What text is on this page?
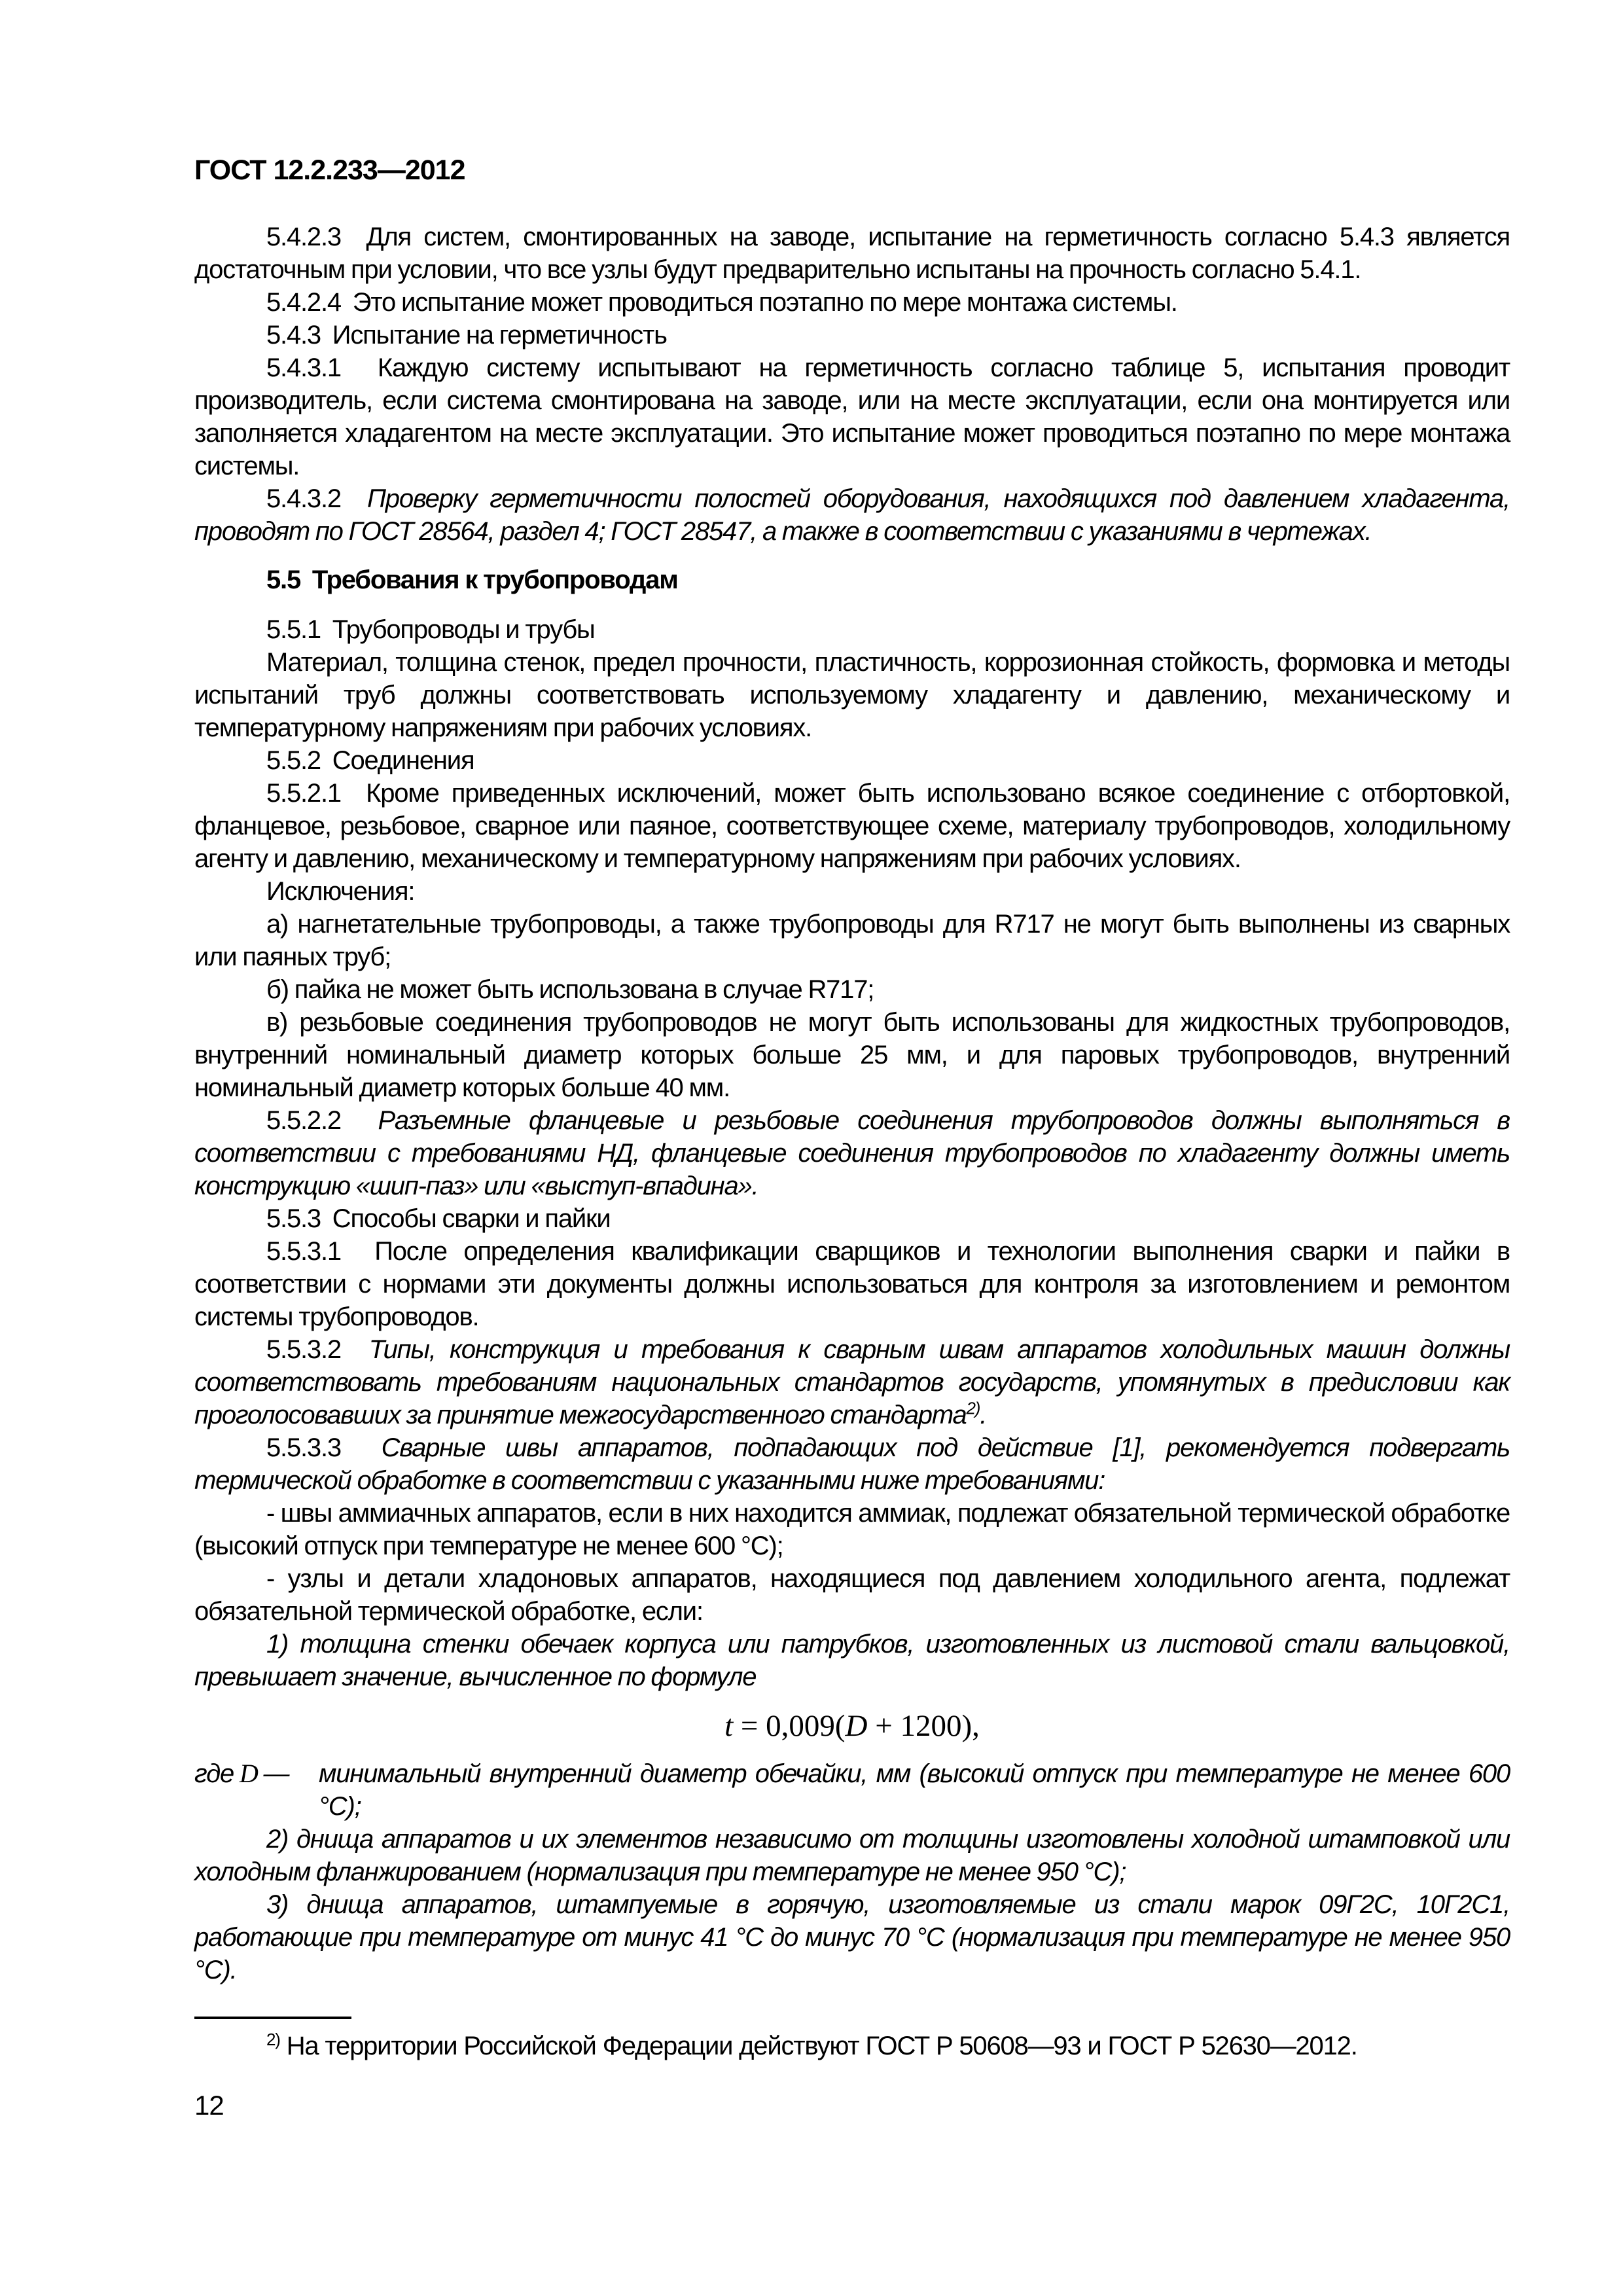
ГОСТ 12.2.233—2012

5.4.2.3  Для систем, смонтированных на заводе, испытание на герметичность согласно 5.4.3 является достаточным при условии, что все узлы будут предварительно испытаны на прочность согласно 5.4.1.

5.4.2.4  Это испытание может проводиться поэтапно по мере монтажа системы.

5.4.3  Испытание на герметичность

5.4.3.1  Каждую систему испытывают на герметичность согласно таблице 5, испытания проводит производитель, если система смонтирована на заводе, или на месте эксплуатации, если она монтируется или заполняется хладагентом на месте эксплуатации. Это испытание может проводиться поэтапно по мере монтажа системы.

5.4.3.2  Проверку герметичности полостей оборудования, находящихся под давлением хладагента, проводят по ГОСТ 28564, раздел 4; ГОСТ 28547, а также в соответствии с указаниями в чертежах.

5.5  Требования к трубопроводам

5.5.1  Трубопроводы и трубы

Материал, толщина стенок, предел прочности, пластичность, коррозионная стойкость, формовка и методы испытаний труб должны соответствовать используемому хладагенту и давлению, механическому и температурному напряжениям при рабочих условиях.

5.5.2  Соединения

5.5.2.1  Кроме приведенных исключений, может быть использовано всякое соединение с отбортовкой, фланцевое, резьбовое, сварное или паяное, соответствующее схеме, материалу трубопроводов, холодильному агенту и давлению, механическому и температурному напряжениям при рабочих условиях.

Исключения:

а) нагнетательные трубопроводы, а также трубопроводы для R717 не могут быть выполнены из сварных или паяных труб;

б) пайка не может быть использована в случае R717;

в) резьбовые соединения трубопроводов не могут быть использованы для жидкостных трубопроводов, внутренний номинальный диаметр которых больше 25 мм, и для паровых трубопроводов, внутренний номинальный диаметр которых больше 40 мм.

5.5.2.2  Разъемные фланцевые и резьбовые соединения трубопроводов должны выполняться в соответствии с требованиями НД, фланцевые соединения трубопроводов по хладагенту должны иметь конструкцию «шип-паз» или «выступ-впадина».

5.5.3  Способы сварки и пайки

5.5.3.1  После определения квалификации сварщиков и технологии выполнения сварки и пайки в соответствии с нормами эти документы должны использоваться для контроля за изготовлением и ремонтом системы трубопроводов.

5.5.3.2  Типы, конструкция и требования к сварным швам аппаратов холодильных машин должны соответствовать требованиям национальных стандартов государств, упомянутых в предисловии как проголосовавших за принятие межгосударственного стандарта$^{2)}$.

5.5.3.3  Сварные швы аппаратов, подпадающих под действие [1], рекомендуется подвергать термической обработке в соответствии с указанными ниже требованиями:

- швы аммиачных аппаратов, если в них находится аммиак, подлежат обязательной термической обработке (высокий отпуск при температуре не менее 600 °С);

- узлы и детали хладоновых аппаратов, находящиеся под давлением холодильного агента, подлежат обязательной термической обработке, если:

1) толщина стенки обечаек корпуса или патрубков, изготовленных из листовой стали вальцовкой, превышает значение, вычисленное по формуле

t = 0,009(D + 1200),

где D — минимальный внутренний диаметр обечайки, мм (высокий отпуск при температуре не менее 600 °С);

2) днища аппаратов и их элементов независимо от толщины изготовлены холодной штамповкой или холодным фланжированием (нормализация при температуре не менее 950 °С);

3) днища аппаратов, штампуемые в горячую, изготовляемые из стали марок 09Г2С, 10Г2С1, работающие при температуре от минус 41 °С до минус 70 °С (нормализация при температуре не менее 950 °С).

$^{2)}$ На территории Российской Федерации действуют ГОСТ Р 50608—93 и ГОСТ Р 52630—2012.

12
